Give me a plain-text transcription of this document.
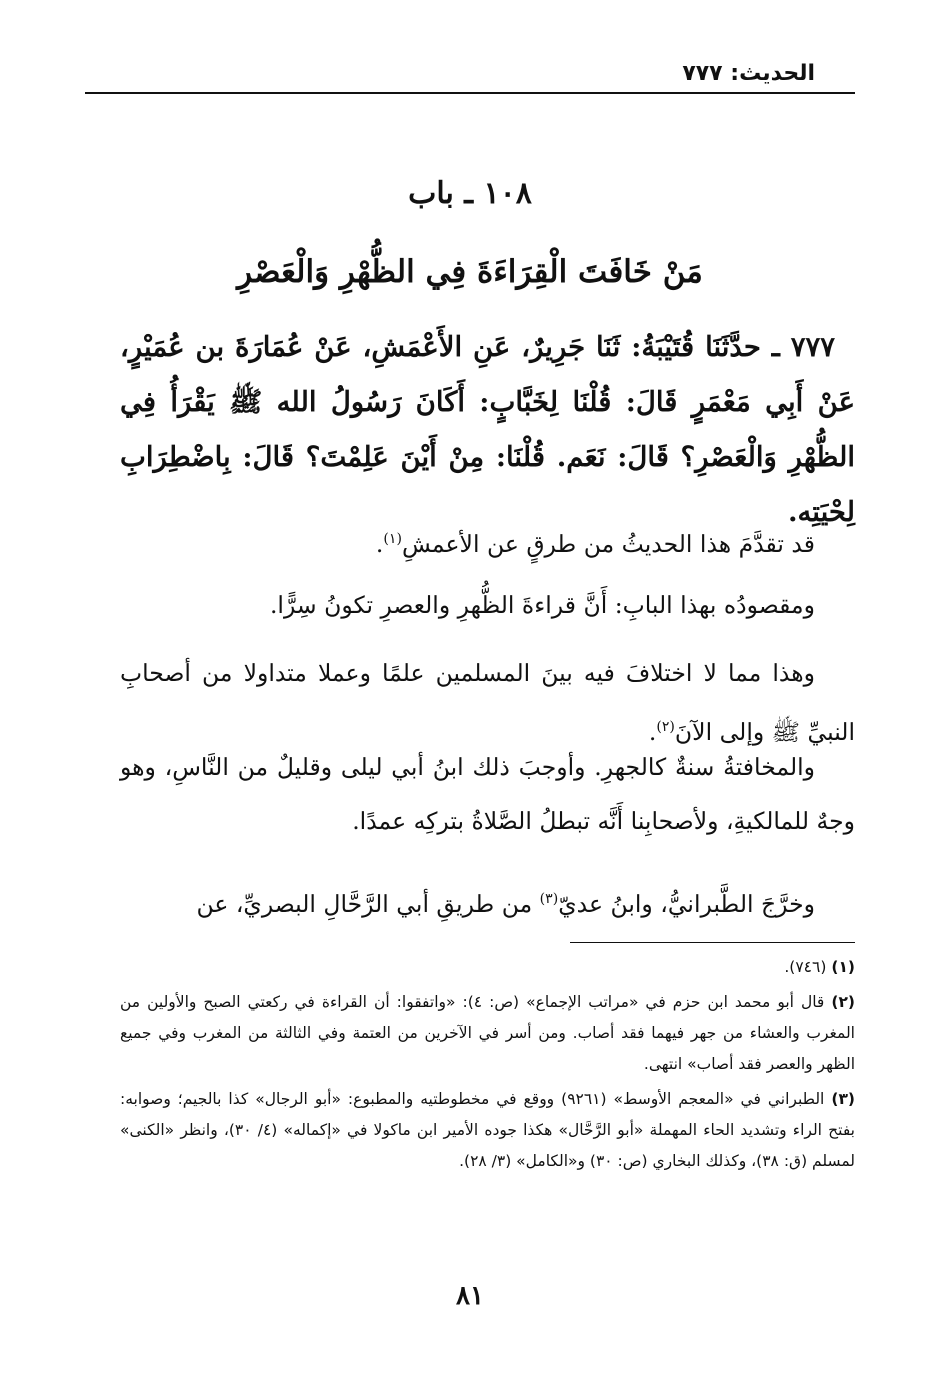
الحديث: ٧٧٧
١٠٨ ـ باب
مَنْ خَافَتَ الْقِرَاءَةَ فِي الظُّهْرِ وَالْعَصْرِ
٧٧٧ ـ حدَّثَنَا قُتَيْبَةُ: ثَنَا جَرِيرٌ، عَنِ الأَعْمَشِ، عَنْ عُمَارَةَ بن عُمَيْرٍ، عَنْ أَبِي مَعْمَرٍ قَالَ: قُلْنَا لِخَبَّابٍ: أَكَانَ رَسُولُ الله ﷺ يَقْرَأُ فِي الظُّهْرِ وَالْعَصْرِ؟ قَالَ: نَعَم. قُلْنَا: مِنْ أَيْنَ عَلِمْتَ؟ قَالَ: بِاضْطِرَابِ لِحْيَتِه.
قد تقدَّمَ هذا الحديثُ من طرقٍ عن الأعمشِ$^{(١)}$.
ومقصودُه بهذا البابِ: أَنَّ قراءةَ الظُّهرِ والعصرِ تكونُ سِرًّا.
وهذا مما لا اختلافَ فيه بينَ المسلمين علمًا وعملا متداولا من أصحابِ النبيِّ ﷺ وإلى الآنَ$^{(٢)}$.
والمخافتةُ سنةٌ كالجهرِ. وأوجبَ ذلك ابنُ أبي ليلى وقليلٌ من النَّاسِ، وهو وجهٌ للمالكيةِ، ولأصحابِنا أَنَّه تبطلُ الصَّلاةُ بتركِه عمدًا.
وخرَّجَ الطَّبرانيُّ، وابنُ عديّ$^{(٣)}$ من طريقِ أبي الرَّحَّالِ البصريِّ، عن

(١) (٧٤٦).

(٢) قال أبو محمد ابن حزم في «مراتب الإجماع» (ص: ٤): «واتفقوا: أن القراءة في ركعتي الصبح والأولين من المغرب والعشاء من جهر فيهما فقد أصاب. ومن أسر في الآخرين من العتمة وفي الثالثة من المغرب وفي جميع الظهر والعصر فقد أصاب» انتهى.

(٣) الطبراني في «المعجم الأوسط» (٩٢٦١) ووقع في مخطوطتيه والمطبوع: «أبو الرجال» كذا بالجيم؛ وصوابه: بفتح الراء وتشديد الحاء المهملة «أبو الرَّحَّال» هكذا جوده الأمير ابن ماكولا في «إكماله» (٤/ ٣٠)، وانظر «الكنى» لمسلم (ق: ٣٨)، وكذلك البخاري (ص: ٣٠) و«الكامل» (٣/ ٢٨).

٨١
